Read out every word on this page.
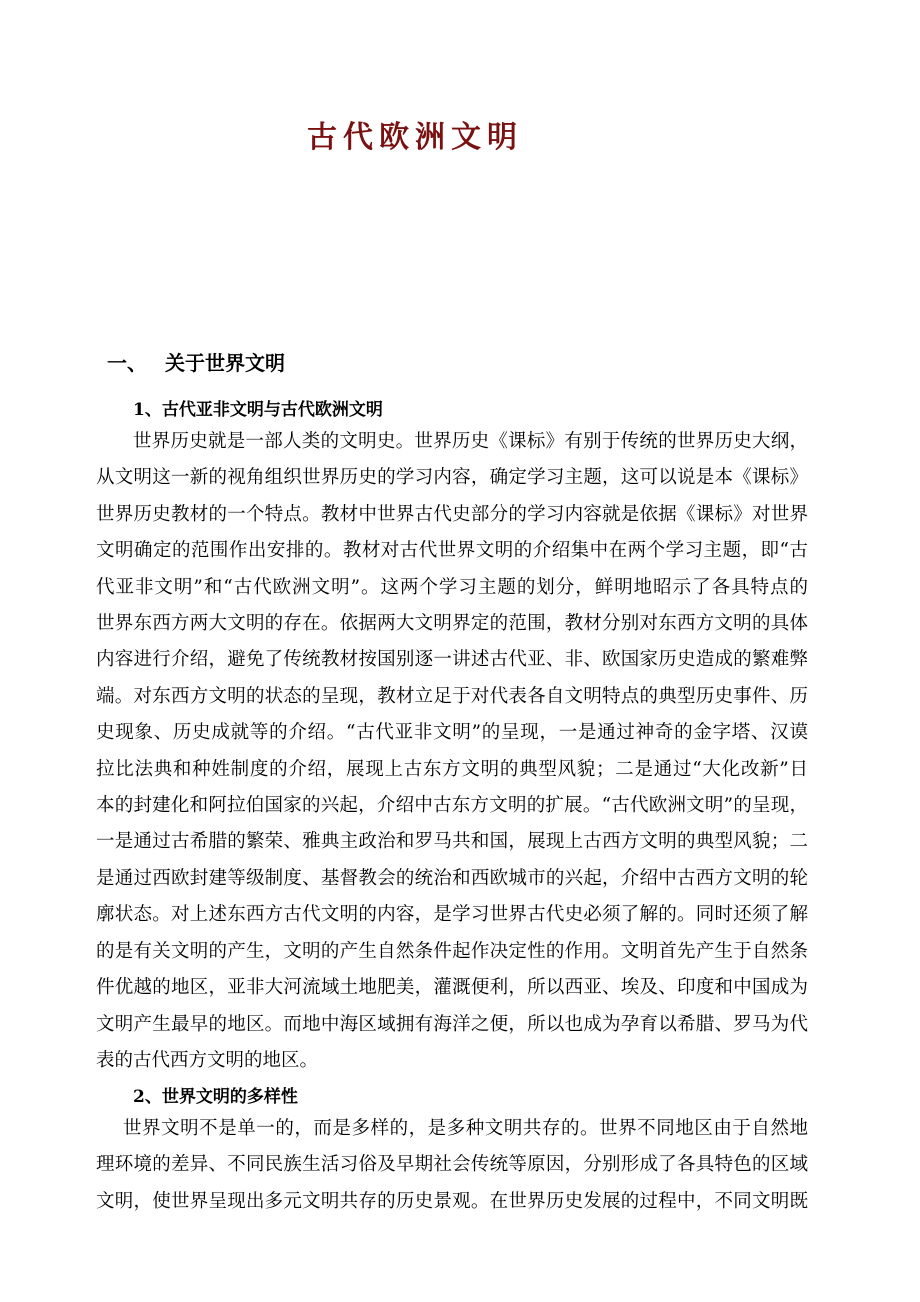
古代欧洲文明
一、 关于世界文明
1、古代亚非文明与古代欧洲文明
世界历史就是一部人类的文明史。世界历史《课标》有别于传统的世界历史大纲，
从文明这一新的视角组织世界历史的学习内容，确定学习主题，这可以说是本《课标》
世界历史教材的一个特点。教材中世界古代史部分的学习内容就是依据《课标》对世界
文明确定的范围作出安排的。教材对古代世界文明的介绍集中在两个学习主题，即“古
代亚非文明”和“古代欧洲文明”。这两个学习主题的划分，鲜明地昭示了各具特点的
世界东西方两大文明的存在。依据两大文明界定的范围，教材分别对东西方文明的具体
内容进行介绍，避免了传统教材按国别逐一讲述古代亚、非、欧国家历史造成的繁难弊
端。对东西方文明的状态的呈现，教材立足于对代表各自文明特点的典型历史事件、历
史现象、历史成就等的介绍。“古代亚非文明”的呈现，一是通过神奇的金字塔、汉谟
拉比法典和种姓制度的介绍，展现上古东方文明的典型风貌；二是通过“大化改新”日
本的封建化和阿拉伯国家的兴起，介绍中古东方文明的扩展。“古代欧洲文明”的呈现，
一是通过古希腊的繁荣、雅典主政治和罗马共和国，展现上古西方文明的典型风貌；二
是通过西欧封建等级制度、基督教会的统治和西欧城市的兴起，介绍中古西方文明的轮
廓状态。对上述东西方古代文明的内容，是学习世界古代史必须了解的。同时还须了解
的是有关文明的产生，文明的产生自然条件起作决定性的作用。文明首先产生于自然条
件优越的地区，亚非大河流域土地肥美，灌溉便利，所以西亚、埃及、印度和中国成为
文明产生最早的地区。而地中海区域拥有海洋之便，所以也成为孕育以希腊、罗马为代
表的古代西方文明的地区。
2、世界文明的多样性
世界文明不是单一的，而是多样的，是多种文明共存的。世界不同地区由于自然地
理环境的差异、不同民族生活习俗及早期社会传统等原因，分别形成了各具特色的区域
文明，使世界呈现出多元文明共存的历史景观。在世界历史发展的过程中，不同文明既
